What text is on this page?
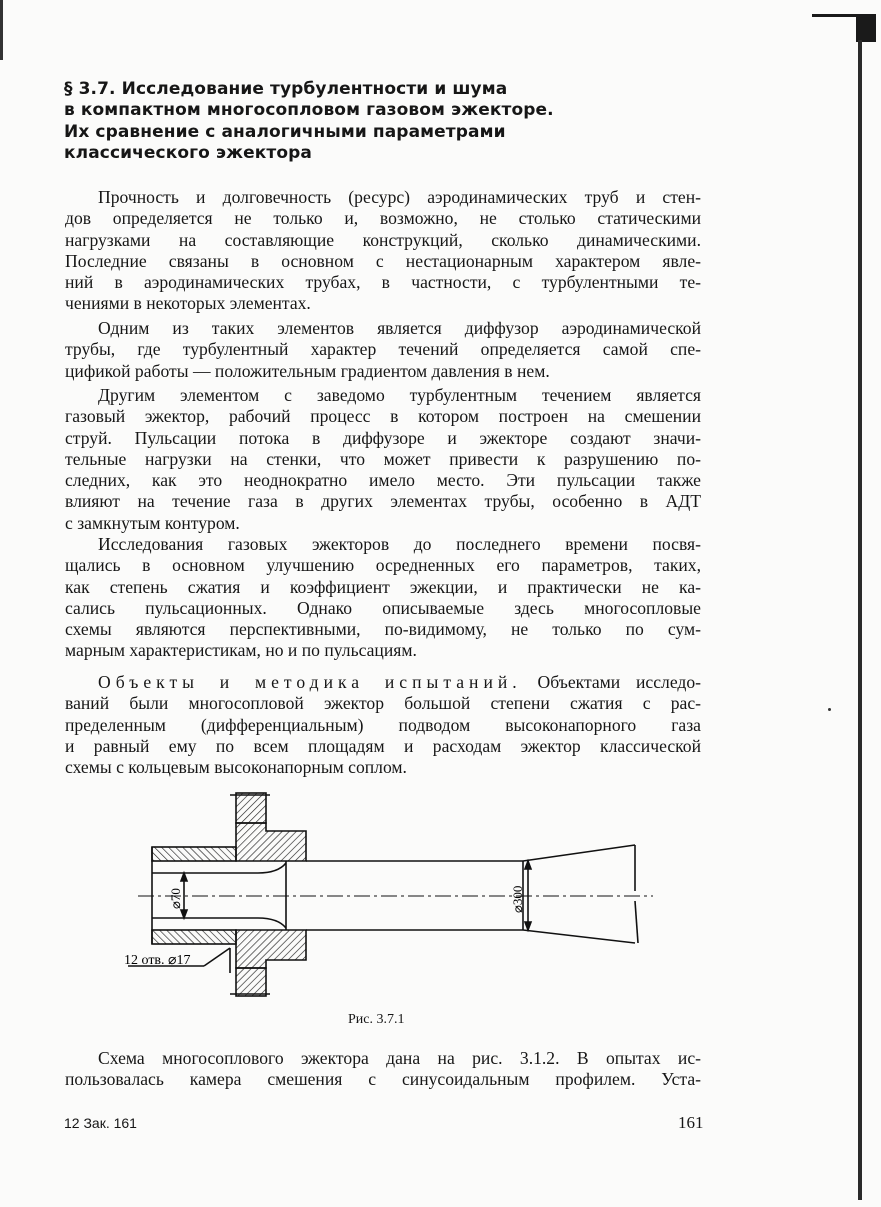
§ 3.7. Исследование турбулентности и шума
в компактном многосопловом газовом эжекторе.
Их сравнение с аналогичными параметрами
классического эжектора
Прочность и долговечность (ресурс) аэродинамических труб и стен-
дов определяется не только и, возможно, не столько статическими
нагрузками на составляющие конструкций, сколько динамическими.
Последние связаны в основном с нестационарным характером явле-
ний в аэродинамических трубах, в частности, с турбулентными те-
чениями в некоторых элементах.
Одним из таких элементов является диффузор аэродинамической
трубы, где турбулентный характер течений определяется самой спе-
цификой работы — положительным градиентом давления в нем.
Другим элементом с заведомо турбулентным течением является
газовый эжектор, рабочий процесс в котором построен на смешении
струй. Пульсации потока в диффузоре и эжекторе создают значи-
тельные нагрузки на стенки, что может привести к разрушению по-
следних, как это неоднократно имело место. Эти пульсации также
влияют на течение газа в других элементах трубы, особенно в АДТ
с замкнутым контуром.
Исследования газовых эжекторов до последнего времени посвя-
щались в основном улучшению осредненных его параметров, таких,
как степень сжатия и коэффициент эжекции, и практически не ка-
сались пульсационных. Однако описываемые здесь многосопловые
схемы являются перспективными, по-видимому, не только по сум-
марным характеристикам, но и по пульсациям.
Объекты и методика испытаний. Объектами исследо-
ваний были многосопловой эжектор большой степени сжатия с рас-
пределенным (дифференциальным) подводом высоконапорного газа
и равный ему по всем площадям и расходам эжектор классической
схемы с кольцевым высоконапорным соплом.
⌀70	⌀300
12 отв. ⌀17
Рис. 3.7.1
Схема многосоплового эжектора дана на рис. 3.1.2. В опытах ис-
пользовалась камера смешения с синусоидальным профилем. Уста-
12 Зак. 161	161
